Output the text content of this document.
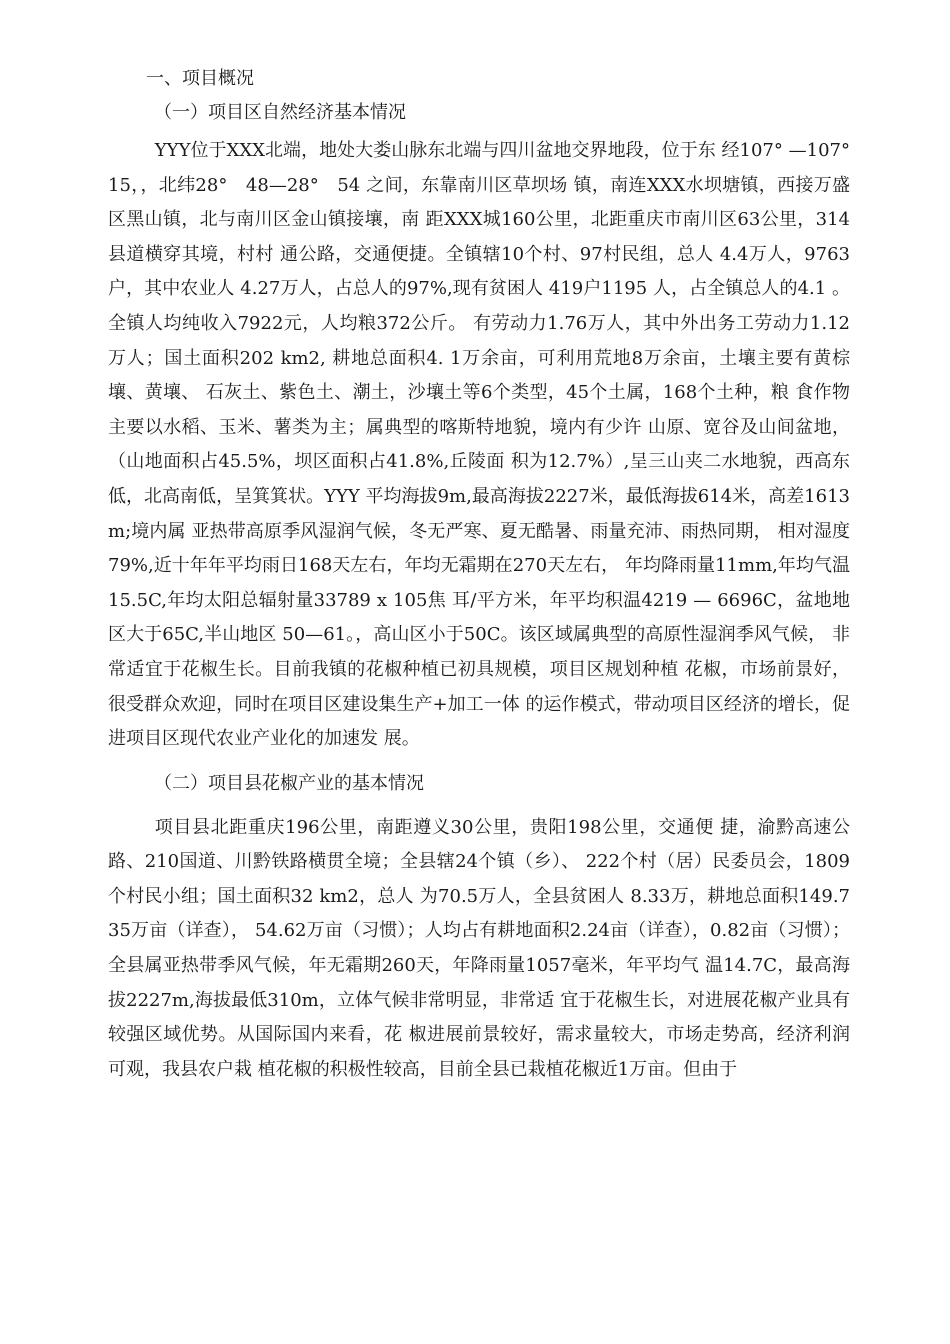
一、项目概况
（一）项目区自然经济基本情况

YYY位于XXX北端，地处大娄山脉东北端与四川盆地交界地段，位于东 经107° —107°　15，，北纬28°　48—28°　54 之间，东靠南川区草坝场 镇，南连XXX水坝塘镇，西接万盛区黑山镇，北与南川区金山镇接壤，南 距XXX城160公里，北距重庆市南川区63公里，314县道横穿其境，村村 通公路，交通便捷。全镇辖10个村、97村民组，总人 4.4万人，9763 户，其中农业人 4.27万人，占总人的97%,现有贫困人 419户1195 人，占全镇总人的4.1 。全镇人均纯收入7922元，人均粮372公斤。 有劳动力1.76万人，其中外出务工劳动力1.12万人；国土面积202 km2, 耕地总面积4. 1万余亩，可利用荒地8万余亩，土壤主要有黄棕壤、黄壤、 石灰土、紫色土、潮土，沙壤土等6个类型，45个土属，168个土种，粮 食作物主要以水稻、玉米、薯类为主；属典型的喀斯特地貌，境内有少许 山原、宽谷及山间盆地，（山地面积占45.5%，坝区面积占41.8%,丘陵面 积为12.7%）,呈三山夹二水地貌，西高东低，北高南低，呈箕箕状。YYY 平均海拔9m,最高海拔2227米，最低海拔614米，高差1613m;境内属 亚热带高原季风湿润气候，冬无严寒、夏无酷暑、雨量充沛、雨热同期， 相对湿度79%,近十年年平均雨日168天左右，年均无霜期在270天左右， 年均降雨量11mm,年均气温15.5C,年均太阳总辐射量33789 x 105焦 耳/平方米，年平均积温4219 — 6696C，盆地地区大于65C,半山地区 50—61。，高山区小于50C。该区域属典型的高原性湿润季风气候， 非常适宜于花椒生长。目前我镇的花椒种植已初具规模，项目区规划种植 花椒，市场前景好，很受群众欢迎，同时在项目区建设集生产+加工一体 的运作模式，带动项目区经济的增长，促进项目区现代农业产业化的加速发 展。

（二）项目县花椒产业的基本情况

项目县北距重庆196公里，南距遵义30公里，贵阳198公里，交通便 捷，渝黔高速公路、210国道、川黔铁路横贯全境；全县辖24个镇（乡）、 222个村（居）民委员会，1809个村民小组；国土面积32 km2，总人 为70.5万人，全县贫困人 8.33万，耕地总面积149.735万亩（详查）， 54.62万亩（习惯）；人均占有耕地面积2.24亩（详查），0.82亩（习惯）； 全县属亚热带季风气候，年无霜期260天，年降雨量1057毫米，年平均气 温14.7C，最高海拔2227m,海拔最低310m，立体气候非常明显，非常适 宜于花椒生长，对进展花椒产业具有较强区域优势。从国际国内来看，花 椒进展前景较好，需求量较大，市场走势高，经济利润可观，我县农户栽 植花椒的积极性较高，目前全县已栽植花椒近1万亩。但由于
